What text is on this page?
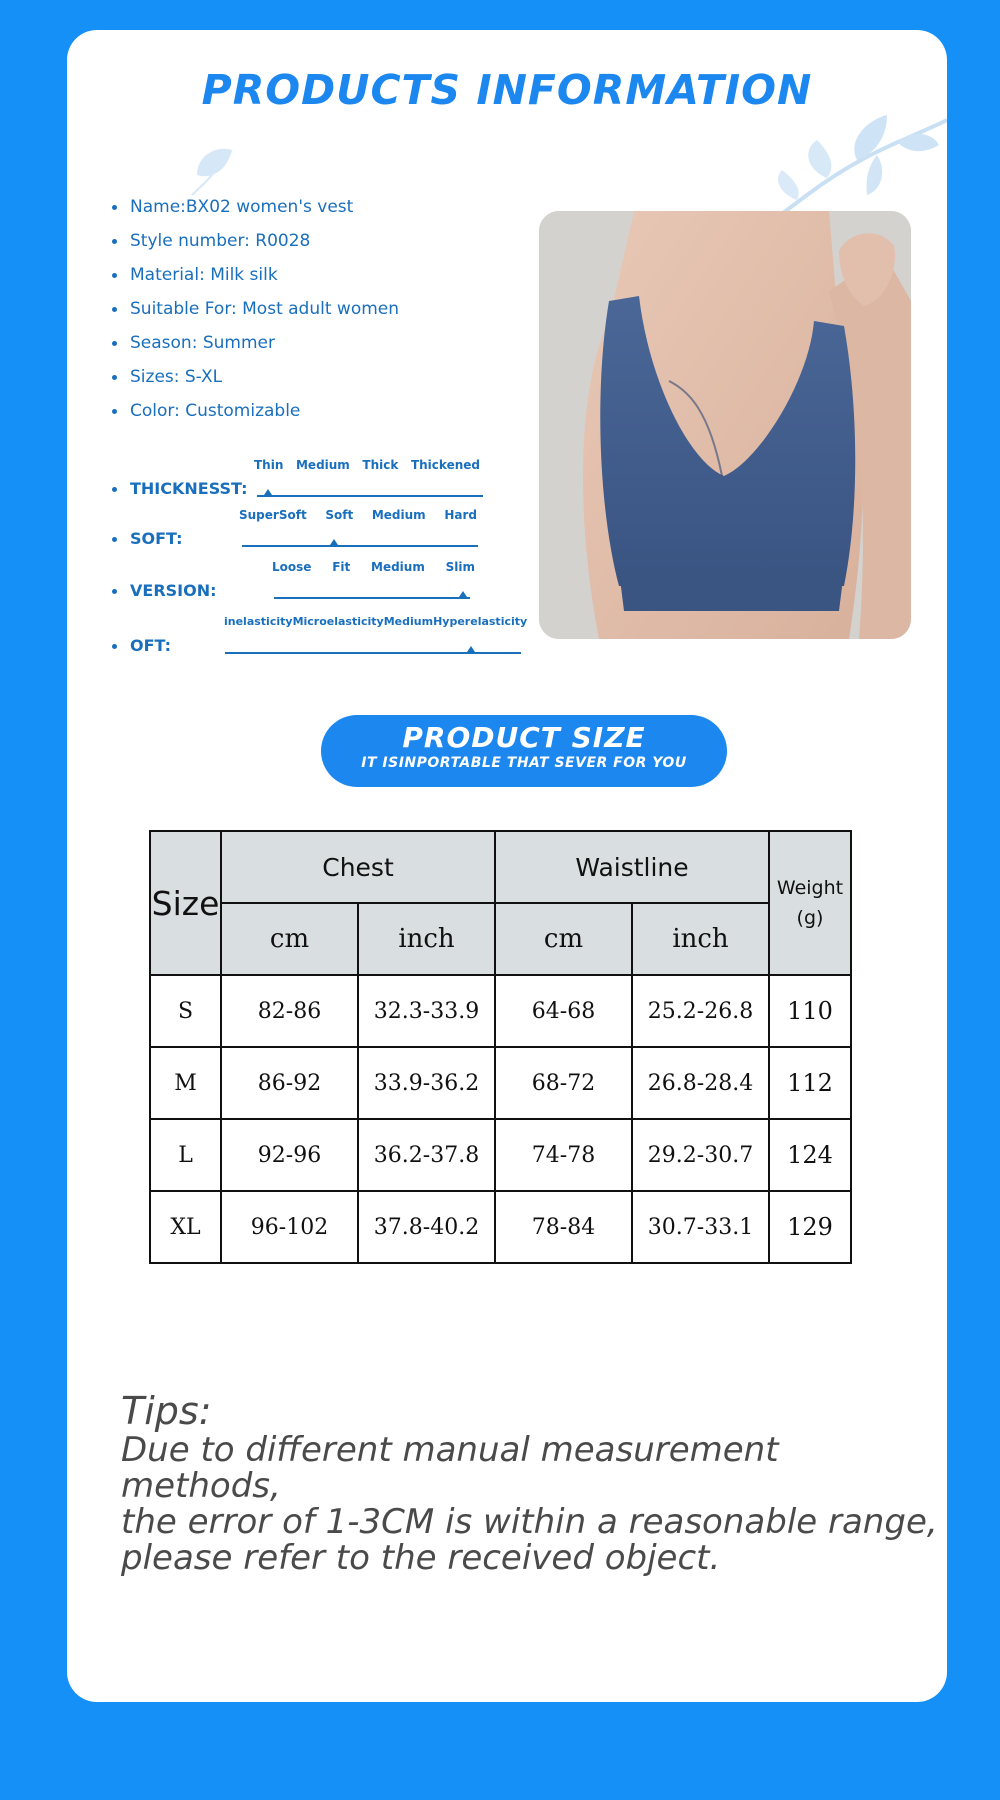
PRODUCTS INFORMATION
Name:BX02 women's vest
Style number: R0028
Material: Milk silk
Suitable For: Most adult women
Season: Summer
Sizes: S-XL
Color: Customizable
THICKNESST:
Thin Medium Thick Thickened
SOFT:
SuperSoft Soft Medium Hard
VERSION:
Loose Fit Medium Slim
OFT:
inelasticity Microelasticity Medium Hyperelasticity
PRODUCT SIZE
IT ISINPORTABLE THAT SEVER FOR YOU
Size	Chest		Waistline		Weight
(g)

	cm	inch	cm	inch	
S	82-86	32.3-33.9	64-68	25.2-26.8	110
M	86-92	33.9-36.2	68-72	26.8-28.4	112
L	92-96	36.2-37.8	74-78	29.2-30.7	124
XL	96-102	37.8-40.2	78-84	30.7-33.1	129
Tips:
Due to different manual measurement methods,
the error of 1-3CM is within a reasonable range,
please refer to the received object.
